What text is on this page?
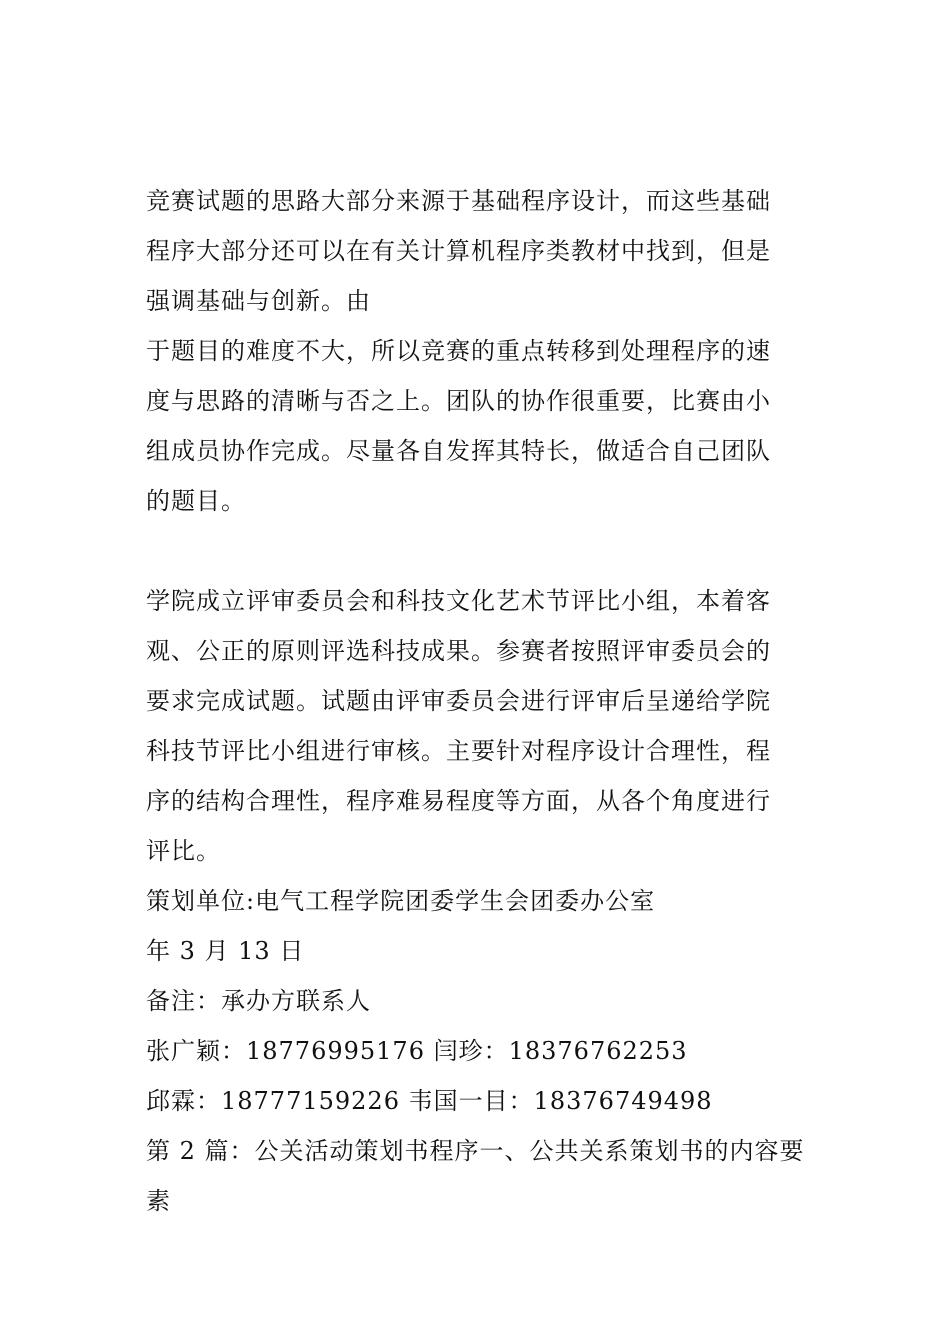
竞赛试题的思路大部分来源于基础程序设计，而这些基础

程序大部分还可以在有关计算机程序类教材中找到，但是

强调基础与创新。由

于题目的难度不大，所以竞赛的重点转移到处理程序的速

度与思路的清晰与否之上。团队的协作很重要，比赛由小

组成员协作完成。尽量各自发挥其特长，做适合自己团队

的题目。

学院成立评审委员会和科技文化艺术节评比小组，本着客

观、公正的原则评选科技成果。参赛者按照评审委员会的

要求完成试题。试题由评审委员会进行评审后呈递给学院

科技节评比小组进行审核。主要针对程序设计合理性，程

序的结构合理性，程序难易程度等方面，从各个角度进行

评比。

策划单位:电气工程学院团委学生会团委办公室

年 3 月 13 日

备注：承办方联系人

张广颖：18776995176 闫珍：18376762253

邱霖：18777159226 韦国一目：18376749498

第 2 篇：公关活动策划书程序一、公共关系策划书的内容要

素
